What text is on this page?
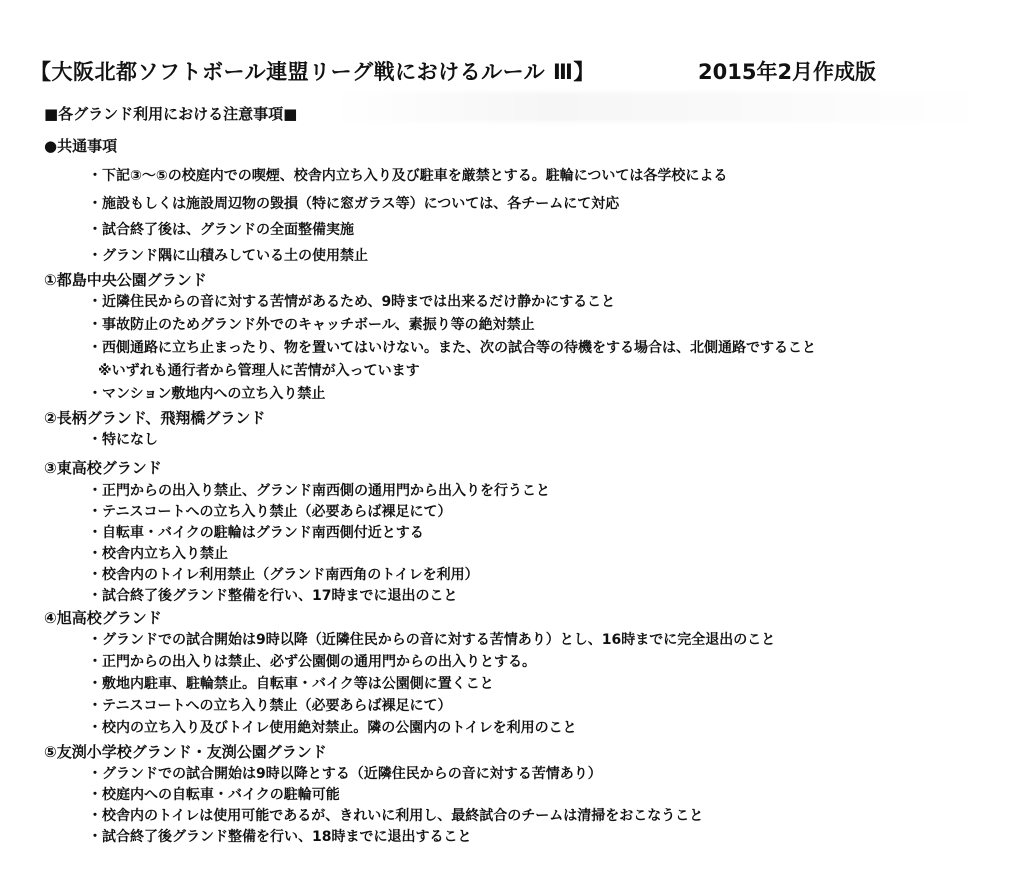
【大阪北都ソフトボール連盟リーグ戦におけるルール Ⅲ】	2015年2月作成版
■各グランド利用における注意事項■
●共通事項
・下記③～⑤の校庭内での喫煙、校舎内立ち入り及び駐車を厳禁とする。駐輪については各学校による
・施設もしくは施設周辺物の毀損（特に窓ガラス等）については、各チームにて対応
・試合終了後は、グランドの全面整備実施
・グランド隅に山積みしている土の使用禁止
①都島中央公園グランド
・近隣住民からの音に対する苦情があるため、9時までは出来るだけ静かにすること
・事故防止のためグランド外でのキャッチボール、素振り等の絶対禁止
・西側通路に立ち止まったり、物を置いてはいけない。また、次の試合等の待機をする場合は、北側通路ですること
※いずれも通行者から管理人に苦情が入っています
・マンション敷地内への立ち入り禁止
②長柄グランド、飛翔橋グランド
・特になし
③東高校グランド
・正門からの出入り禁止、グランド南西側の通用門から出入りを行うこと
・テニスコートへの立ち入り禁止（必要あらば裸足にて）
・自転車・バイクの駐輪はグランド南西側付近とする
・校舎内立ち入り禁止
・校舎内のトイレ利用禁止（グランド南西角のトイレを利用）
・試合終了後グランド整備を行い、17時までに退出のこと
④旭高校グランド
・グランドでの試合開始は9時以降（近隣住民からの音に対する苦情あり）とし、16時までに完全退出のこと
・正門からの出入りは禁止、必ず公園側の通用門からの出入りとする。
・敷地内駐車、駐輪禁止。自転車・バイク等は公園側に置くこと
・テニスコートへの立ち入り禁止（必要あらば裸足にて）
・校内の立ち入り及びトイレ使用絶対禁止。隣の公園内のトイレを利用のこと
⑤友渕小学校グランド・友渕公園グランド
・グランドでの試合開始は9時以降とする（近隣住民からの音に対する苦情あり）
・校庭内への自転車・バイクの駐輪可能
・校舎内のトイレは使用可能であるが、きれいに利用し、最終試合のチームは清掃をおこなうこと
・試合終了後グランド整備を行い、18時までに退出すること
